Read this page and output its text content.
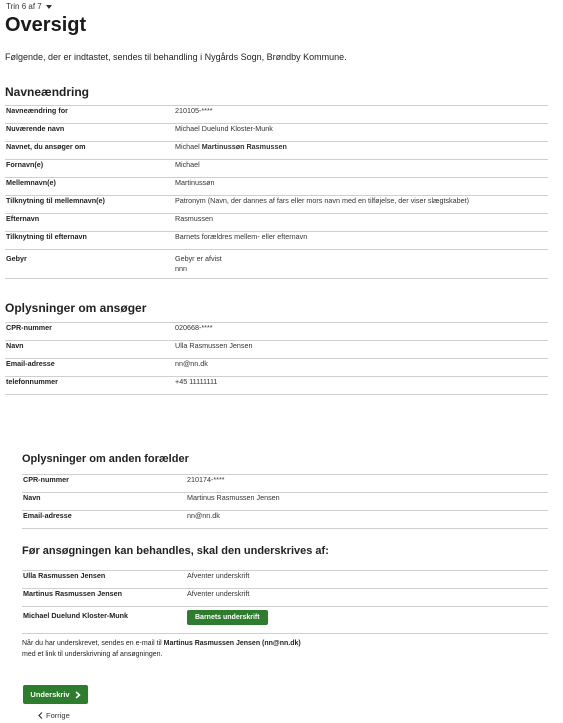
Trin 6 af 7
Oversigt

Følgende, der er indtastet, sendes til behandling i Nygårds Sogn, Brøndby Kommune.

Navneændring
Navneændring for	210105-****
Nuværende navn	Michael Duelund Kloster-Munk
Navnet, du ansøger om	Michael Martinussøn Rasmussen
Fornavn(e)	Michael
Mellemnavn(e)	Martinussøn
Tilknytning til mellemnavn(e)	Patronym (Navn, der dannes af fars eller mors navn med en tilføjelse, der viser slægtskabet)
Efternavn	Rasmussen
Tilknytning til efternavn	Barnets forældres mellem- eller efternavn
Gebyr	Gebyr er afvist
nnn
Oplysninger om ansøger
CPR-nummer	020668-****
Navn	Ulla Rasmussen Jensen
Email-adresse	nn@nn.dk
telefonnummer	+45 11111111
Oplysninger om anden forælder
CPR-nummer	210174-****
Navn	Martinus Rasmussen Jensen
Email-adresse	nn@nn.dk
Før ansøgningen kan behandles, skal den underskrives af:
Ulla Rasmussen Jensen	Afventer underskrift
Martinus Rasmussen Jensen	Afventer underskrift
Michael Duelund Kloster-Munk	Barnets underskrift
Når du har underskrevet, sendes en e-mail til Martinus Rasmussen Jensen (nn@nn.dk)
med et link til underskrivning af ansøgningen.
Underskriv
Forrige
